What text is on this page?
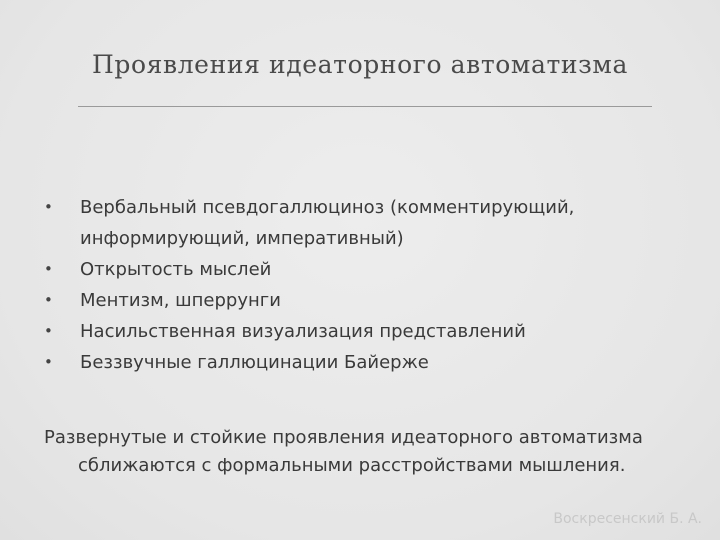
Проявления идеаторного автоматизма
• Вербальный псевдогаллюциноз (комментирующий, информирующий, императивный)
• Открытость мыслей
• Ментизм, шперрунги
• Насильственная визуализация представлений
• Беззвучные галлюцинации Байерже

Развернутые и стойкие проявления идеаторного автоматизма сближаются с формальными расстройствами мышления.

Воскресенский Б. А.
